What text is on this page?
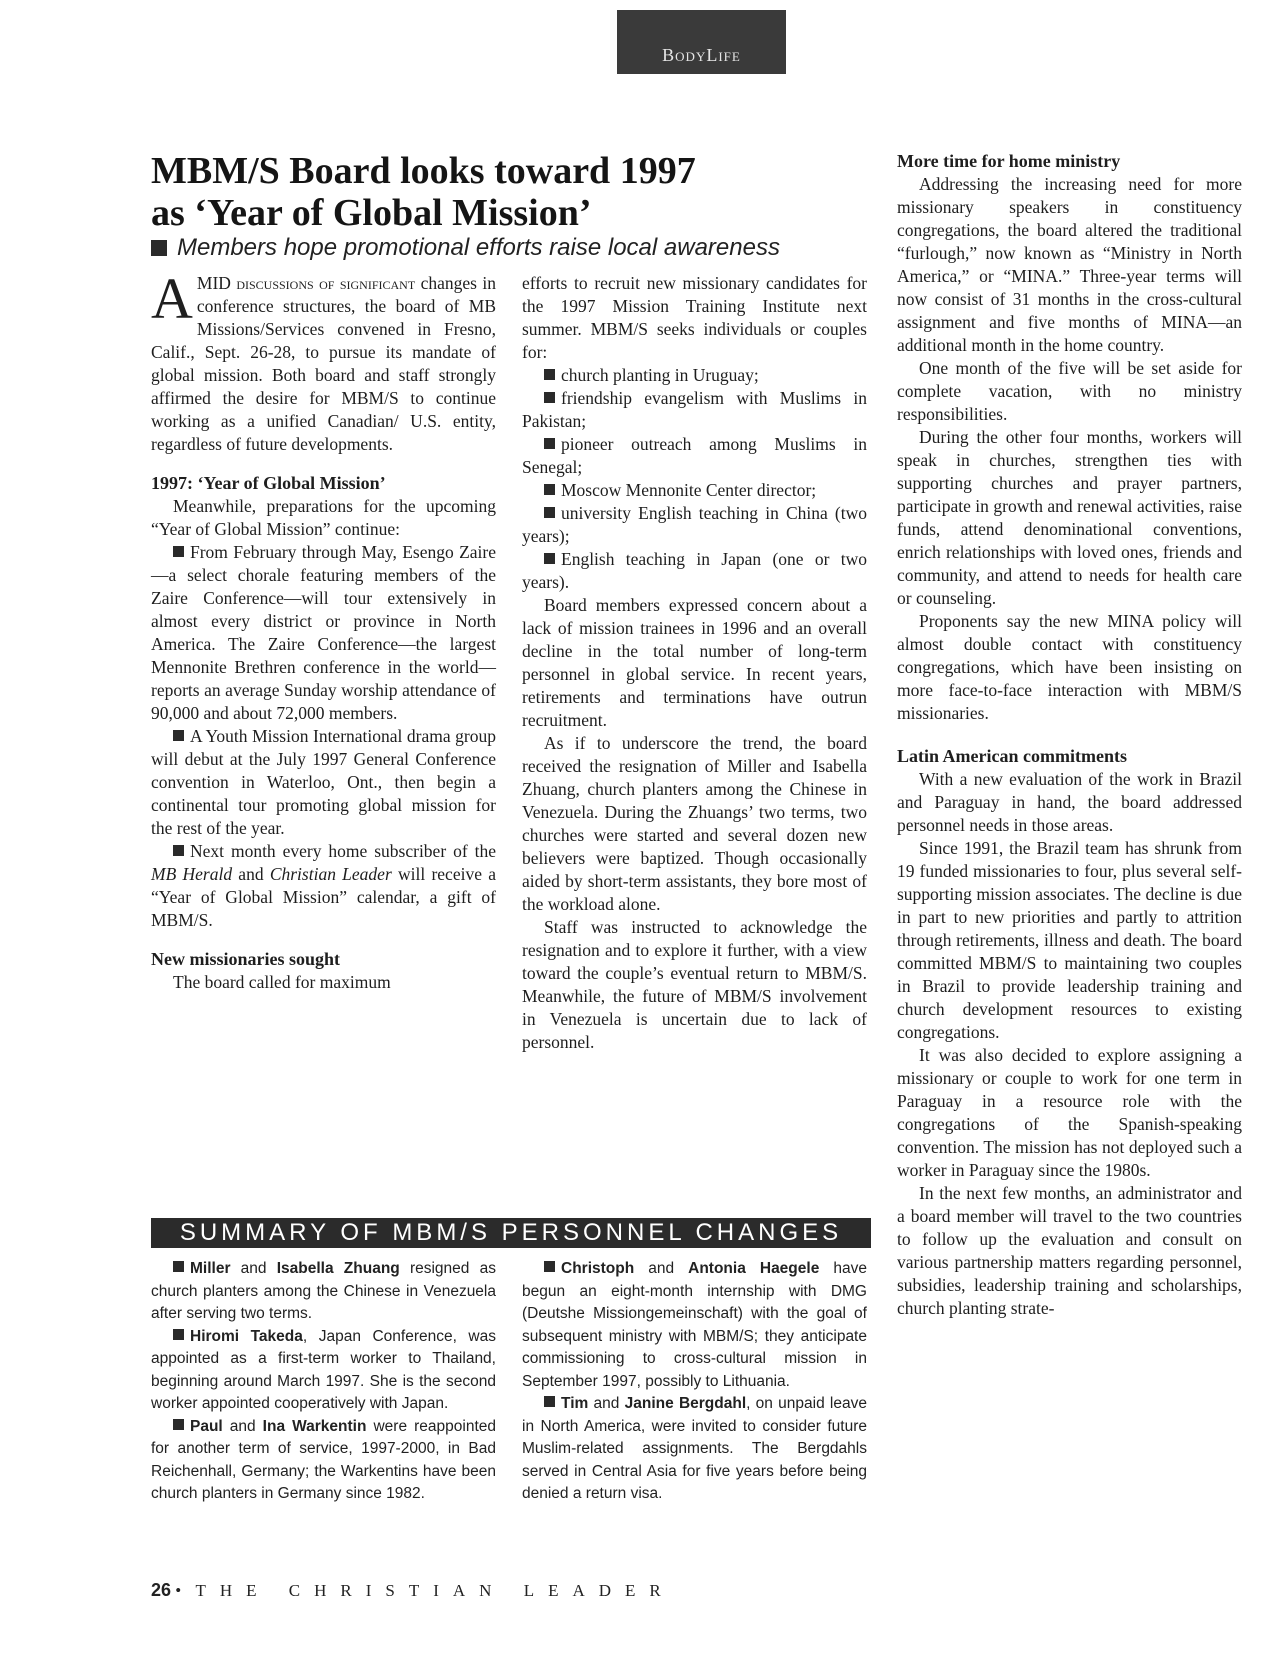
BodyLife
MBM/S Board looks toward 1997
as ‘Year of Global Mission’
Members hope promotional efforts raise local awareness

AMID discussions of significant changes in conference structures, the board of MB Missions/Services convened in Fresno, Calif., Sept. 26-28, to pursue its mandate of global mission. Both board and staff strongly affirmed the desire for MBM/S to continue working as a unified Canadian/ U.S. entity, regardless of future developments.

1997: ‘Year of Global Mission’

Meanwhile, preparations for the upcoming “Year of Global Mission” continue:

From February through May, Esengo Zaire—a select chorale featuring members of the Zaire Conference—will tour extensively in almost every district or province in North America. The Zaire Conference—the largest Mennonite Brethren conference in the world—reports an average Sunday worship attendance of 90,000 and about 72,000 members.

A Youth Mission International drama group will debut at the July 1997 General Conference convention in Waterloo, Ont., then begin a continental tour promoting global mission for the rest of the year.

Next month every home subscriber of the MB Herald and Christian Leader will receive a “Year of Global Mission” calendar, a gift of MBM/S.

New missionaries sought

The board called for maximum

efforts to recruit new missionary candidates for the 1997 Mission Training Institute next summer. MBM/S seeks individuals or couples for:

church planting in Uruguay;

friendship evangelism with Muslims in Pakistan;

pioneer outreach among Muslims in Senegal;

Moscow Mennonite Center director;

university English teaching in China (two years);

English teaching in Japan (one or two years).

Board members expressed concern about a lack of mission trainees in 1996 and an overall decline in the total number of long-term personnel in global service. In recent years, retirements and terminations have outrun recruitment.

As if to underscore the trend, the board received the resignation of Miller and Isabella Zhuang, church planters among the Chinese in Venezuela. During the Zhuangs’ two terms, two churches were started and several dozen new believers were baptized. Though occasionally aided by short-term assistants, they bore most of the workload alone.

Staff was instructed to acknowledge the resignation and to explore it further, with a view toward the couple’s eventual return to MBM/S. Meanwhile, the future of MBM/S involvement in Venezuela is uncertain due to lack of personnel.

More time for home ministry

Addressing the increasing need for more missionary speakers in constituency congregations, the board altered the traditional “furlough,” now known as “Ministry in North America,” or “MINA.” Three-year terms will now consist of 31 months in the cross-cultural assignment and five months of MINA—an additional month in the home country.

One month of the five will be set aside for complete vacation, with no ministry responsibilities.

During the other four months, workers will speak in churches, strengthen ties with supporting churches and prayer partners, participate in growth and renewal activities, raise funds, attend denominational conventions, enrich relationships with loved ones, friends and community, and attend to needs for health care or counseling.

Proponents say the new MINA policy will almost double contact with constituency congregations, which have been insisting on more face-to-face interaction with MBM/S missionaries.

Latin American commitments

With a new evaluation of the work in Brazil and Paraguay in hand, the board addressed personnel needs in those areas.

Since 1991, the Brazil team has shrunk from 19 funded missionaries to four, plus several self-supporting mission associates. The decline is due in part to new priorities and partly to attrition through retirements, illness and death. The board committed MBM/S to maintaining two couples in Brazil to provide leadership training and church development resources to existing congregations.

It was also decided to explore assigning a missionary or couple to work for one term in Paraguay in a resource role with the congregations of the Spanish-speaking convention. The mission has not deployed such a worker in Paraguay since the 1980s.

In the next few months, an administrator and a board member will travel to the two countries to follow up the evaluation and consult on various partnership matters regarding personnel, subsidies, leadership training and scholarships, church planting strate-

SUMMARY OF MBM/S PERSONNEL CHANGES

Miller and Isabella Zhuang resigned as church planters among the Chinese in Venezuela after serving two terms.

Hiromi Takeda, Japan Conference, was appointed as a first-term worker to Thailand, beginning around March 1997. She is the second worker appointed cooperatively with Japan.

Paul and Ina Warkentin were reappointed for another term of service, 1997-2000, in Bad Reichenhall, Germany; the Warkentins have been church planters in Germany since 1982.

Christoph and Antonia Haegele have begun an eight-month internship with DMG (Deutshe Missiongemeinschaft) with the goal of subsequent ministry with MBM/S; they anticipate commissioning to cross-cultural mission in September 1997, possibly to Lithuania.

Tim and Janine Bergdahl, on unpaid leave in North America, were invited to consider future Muslim-related assignments. The Bergdahls served in Central Asia for five years before being denied a return visa.

26 • THE CHRISTIAN LEADER
